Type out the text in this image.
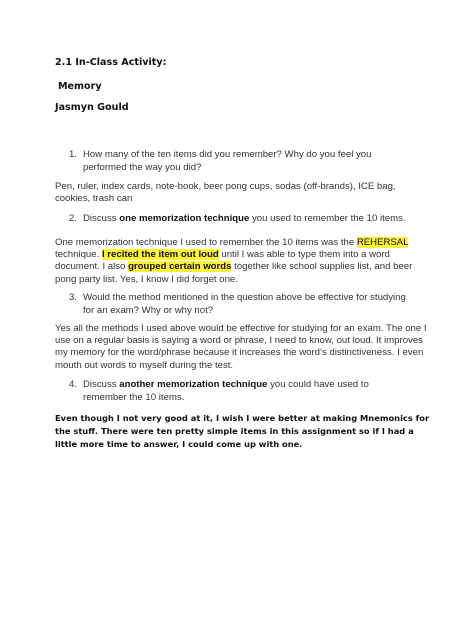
2.1 In-Class Activity:

Memory

Jasmyn Gould

1. How many of the ten items did you remember? Why do you feel you performed the way you did?

Pen, ruler, index cards, note-book, beer pong cups, sodas (off-brands), ICE bag, cookies, trash can

2. Discuss one memorization technique you used to remember the 10 items.

One memorization technique I used to remember the 10 items was the REHERSAL technique. I recited the item out loud until I was able to type them into a word document. I also grouped certain words together like school supplies list, and beer pong party list. Yes, I know I did forget one.

3. Would the method mentioned in the question above be effective for studying for an exam? Why or why not?

Yes all the methods I used above would be effective for studying for an exam. The one I use on a regular basis is saying a word or phrase, I need to know, out loud. It improves my memory for the word/phrase because it increases the word’s distinctiveness. I even mouth out words to myself during the test.

4. Discuss another memorization technique you could have used to remember the 10 items.

Even though I not very good at it, I wish I were better at making Mnemonics for the stuff. There were ten pretty simple items in this assignment so if I had a little more time to answer, I could come up with one.
